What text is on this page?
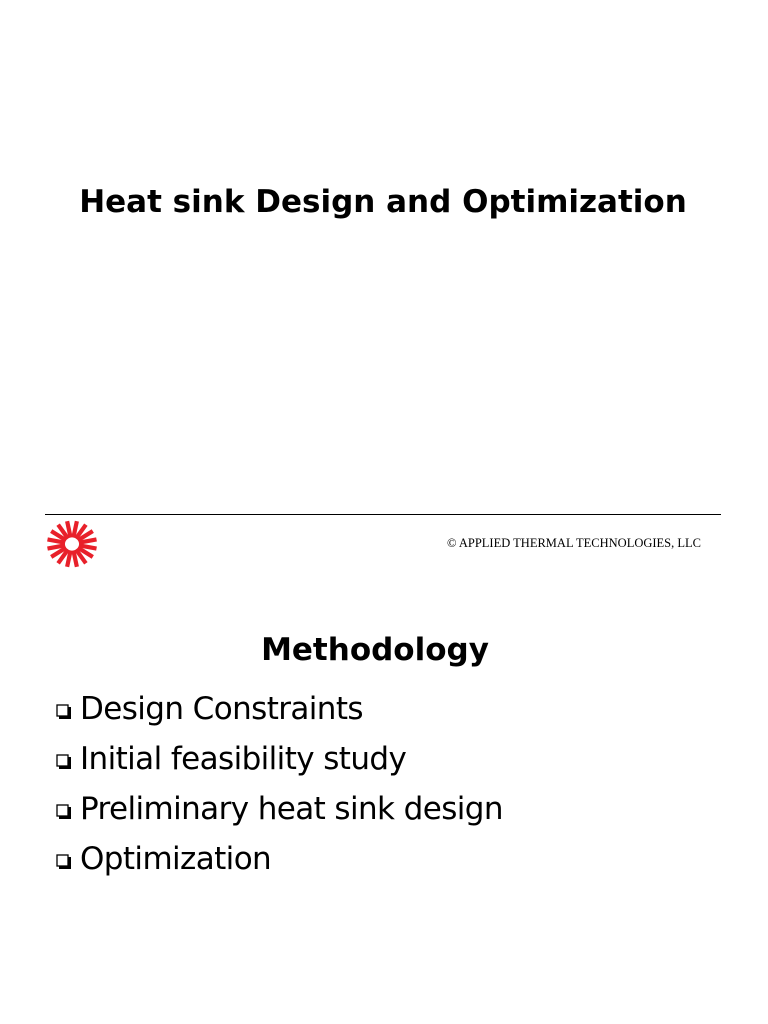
Heat sink Design and Optimization
© APPLIED THERMAL TECHNOLOGIES, LLC
Methodology
Design Constraints
Initial feasibility study
Preliminary heat sink design
Optimization
